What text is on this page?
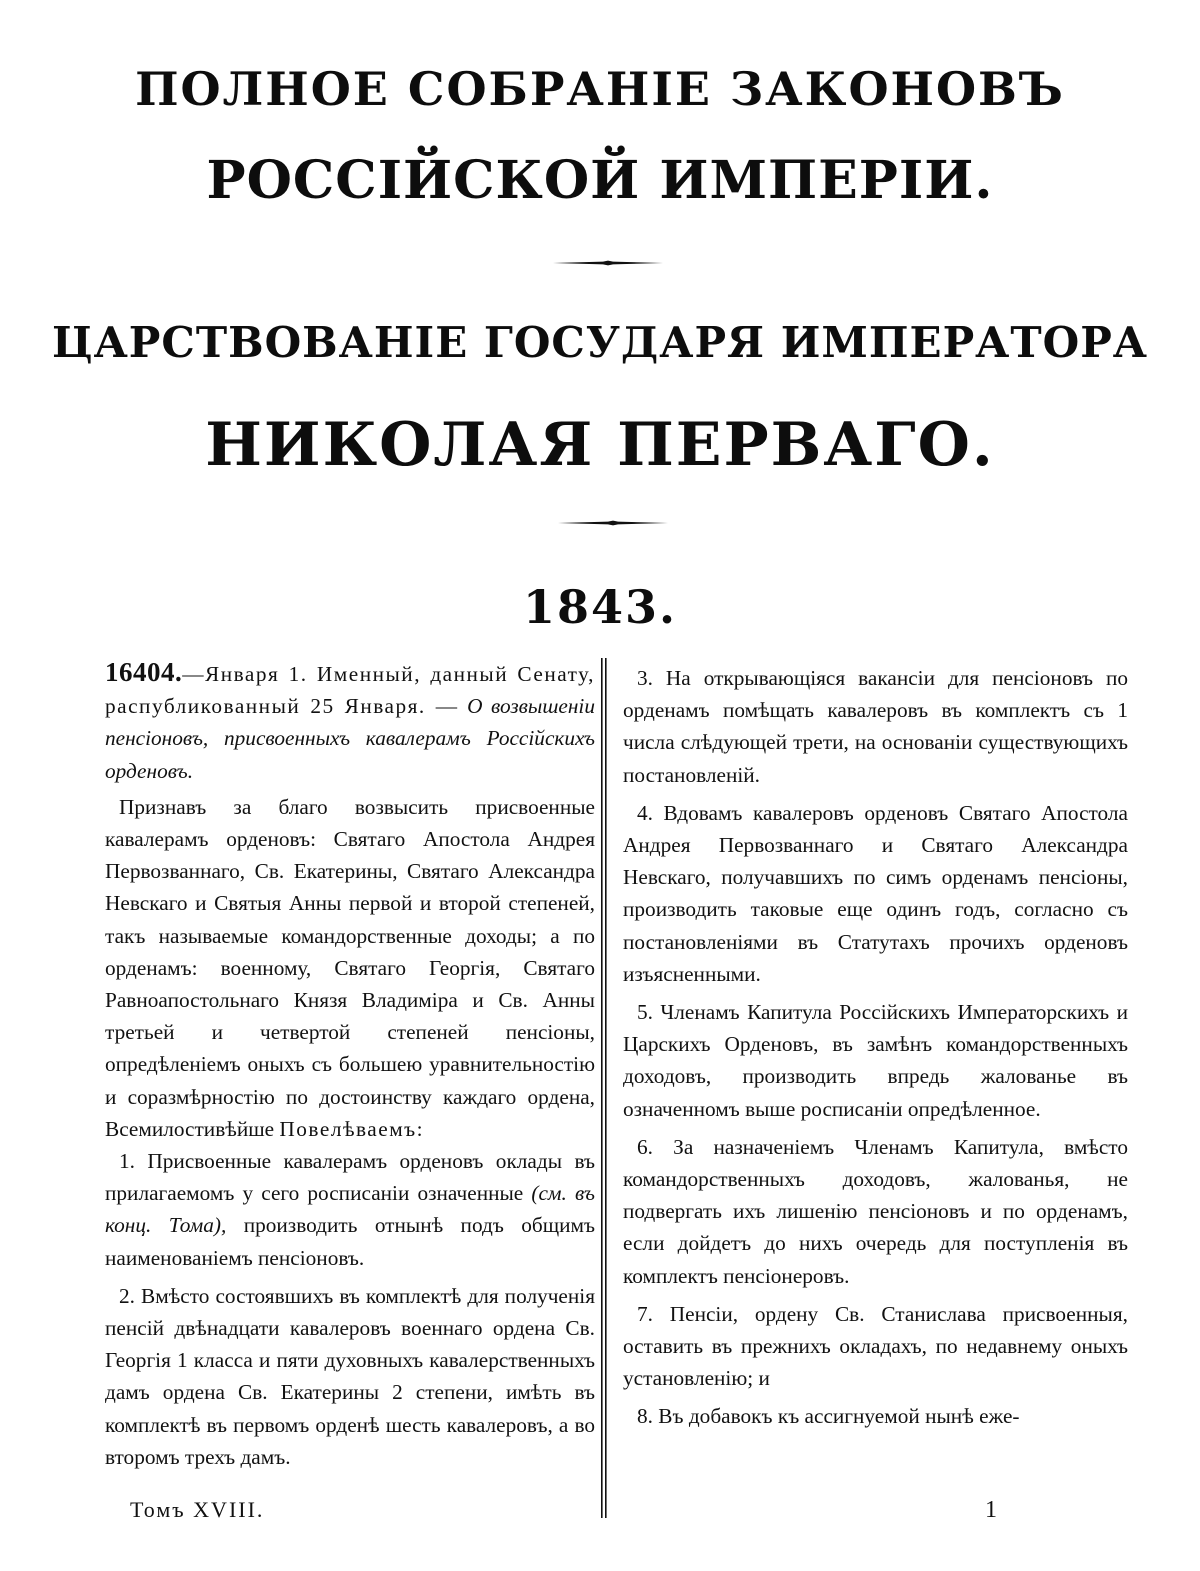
ПОЛНОЕ СОБРАНІЕ ЗАКОНОВЪ
РОССІЙСКОЙ ИМПЕРІИ.
ЦАРСТВОВАНІЕ ГОСУДАРЯ ИМПЕРАТОРА
НИКОЛАЯ ПЕРВАГО.
1843.

16404.—Января 1. Именный, данный Сенату, распубликованный 25 Января. — О возвышеніи пенсіоновъ, присвоенныхъ кавалерамъ Россійскихъ орденовъ.

Признавъ за благо возвысить присвоенные кавалерамъ орденовъ: Святаго Апостола Андрея Первозваннаго, Св. Екатерины, Святаго Александра Невскаго и Святыя Анны первой и второй степеней, такъ называемые командорственные доходы; а по орденамъ: военному, Святаго Георгія, Святаго Равноапостольнаго Князя Владиміра и Св. Анны третьей и четвертой степеней пенсіоны, опредѣленіемъ оныхъ съ большею уравнительностію и соразмѣрностію по достоинству каждаго ордена, Всемилостивѣйше Повелѣваемъ:

1. Присвоенные кавалерамъ орденовъ оклады въ прилагаемомъ у сего росписаніи означенные (см. въ конц. Тома), производить отнынѣ подъ общимъ наименованіемъ пенсіоновъ.

2. Вмѣсто состоявшихъ въ комплектѣ для полученія пенсій двѣнадцати кавалеровъ военнаго ордена Св. Георгія 1 класса и пяти духовныхъ кавалерственныхъ дамъ ордена Св. Екатерины 2 степени, имѣть въ комплектѣ въ первомъ орденѣ шесть кавалеровъ, а во второмъ трехъ дамъ.

3. На открывающіяся вакансіи для пенсіоновъ по орденамъ помѣщать кавалеровъ въ комплектъ съ 1 числа слѣдующей трети, на основаніи существующихъ постановленій.

4. Вдовамъ кавалеровъ орденовъ Святаго Апостола Андрея Первозваннаго и Святаго Александра Невскаго, получавшихъ по симъ орденамъ пенсіоны, производить таковые еще одинъ годъ, согласно съ постановленіями въ Статутахъ прочихъ орденовъ изъясненными.

5. Членамъ Капитула Россійскихъ Императорскихъ и Царскихъ Орденовъ, въ замѣнъ командорственныхъ доходовъ, производить впредь жалованье въ означенномъ выше росписаніи опредѣленное.

6. За назначеніемъ Членамъ Капитула, вмѣсто командорственныхъ доходовъ, жалованья, не подвергать ихъ лишенію пенсіоновъ и по орденамъ, если дойдетъ до нихъ очередь для поступленія въ комплектъ пенсіонеровъ.

7. Пенсіи, ордену Св. Станислава присвоенныя, оставить въ прежнихъ окладахъ, по недавнему оныхъ установленію; и

8. Въ добавокъ къ ассигнуемой нынѣ еже-

Томъ XVIII.	1
